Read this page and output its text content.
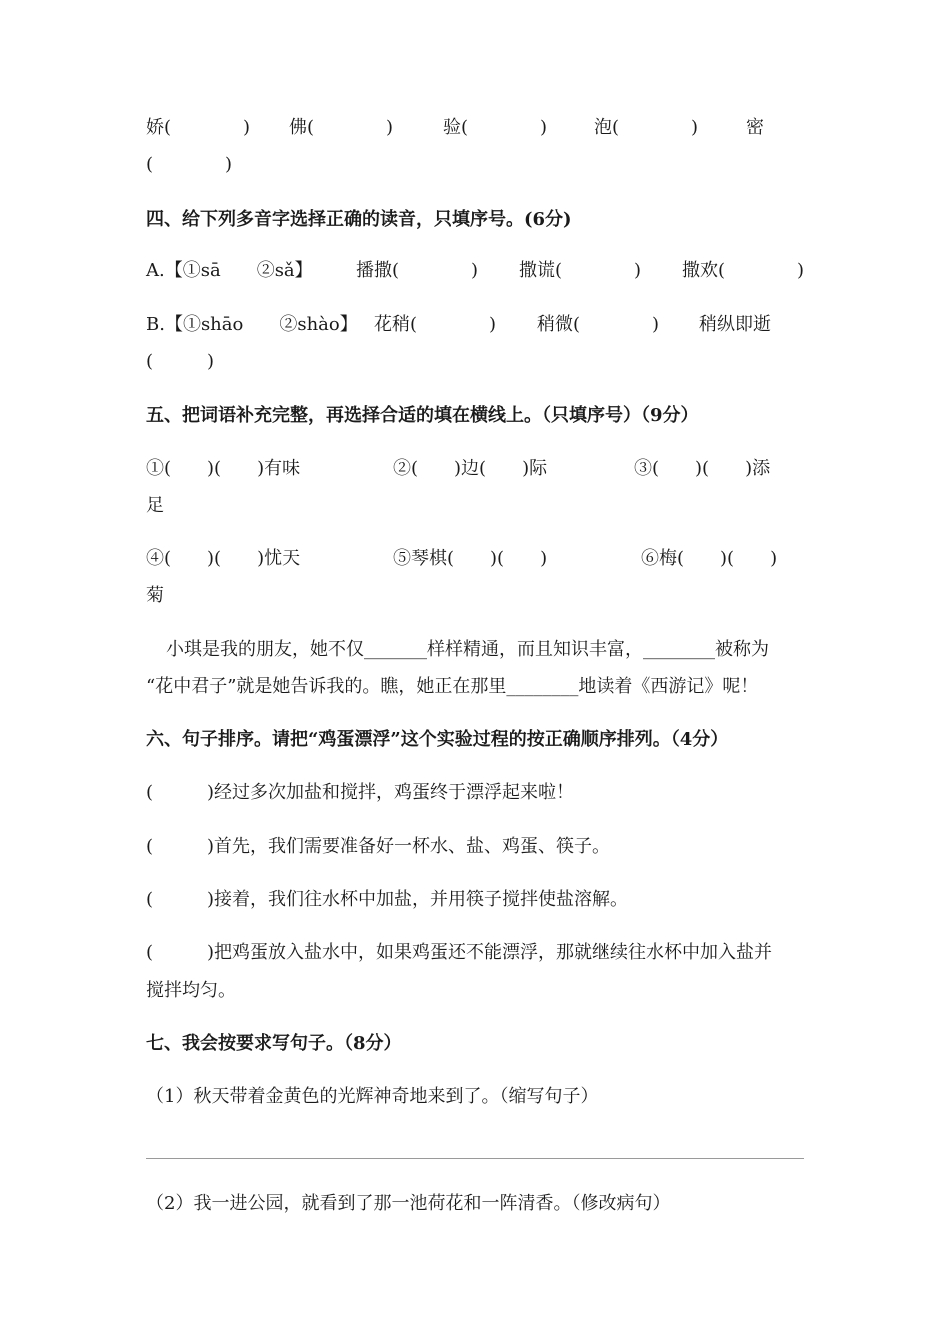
娇(　　　　) 佛(　　　　)	验(　　　　)	泡(　　　　)	密
(　　　　)
四、给下列多音字选择正确的读音，只填序号。(6分)
A.【①sā　　②sǎ】 播撒(　　　　) 撒谎(　　　　) 撒欢(　　　　)
B.【①shāo　　②shào】 花稍(　　　　) 稍微(　　　　) 稍纵即逝
(　　　)
五、把词语补充完整，再选择合适的填在横线上。（只填序号）（9分）
①(　　)(　　)有味	②(　　)边(　　)际	③(　　)(　　)添
足
④(　　)(　　)忧天	⑤琴棋(　　)(　　)	⑥梅(　　)(　　)
菊
小琪是我的朋友，她不仅_______样样精通，而且知识丰富，________被称为
“花中君子”就是她告诉我的。瞧，她正在那里________地读着《西游记》呢！
六、句子排序。请把“鸡蛋漂浮”这个实验过程的按正确顺序排列。（4分）
(　　　)经过多次加盐和搅拌，鸡蛋终于漂浮起来啦！
(　　　)首先，我们需要准备好一杯水、盐、鸡蛋、筷子。
(　　　)接着，我们往水杯中加盐，并用筷子搅拌使盐溶解。
(　　　)把鸡蛋放入盐水中，如果鸡蛋还不能漂浮，那就继续往水杯中加入盐并
搅拌均匀。
七、我会按要求写句子。（8分）
（1）秋天带着金黄色的光辉神奇地来到了。（缩写句子）
（2）我一进公园，就看到了那一池荷花和一阵清香。（修改病句）
